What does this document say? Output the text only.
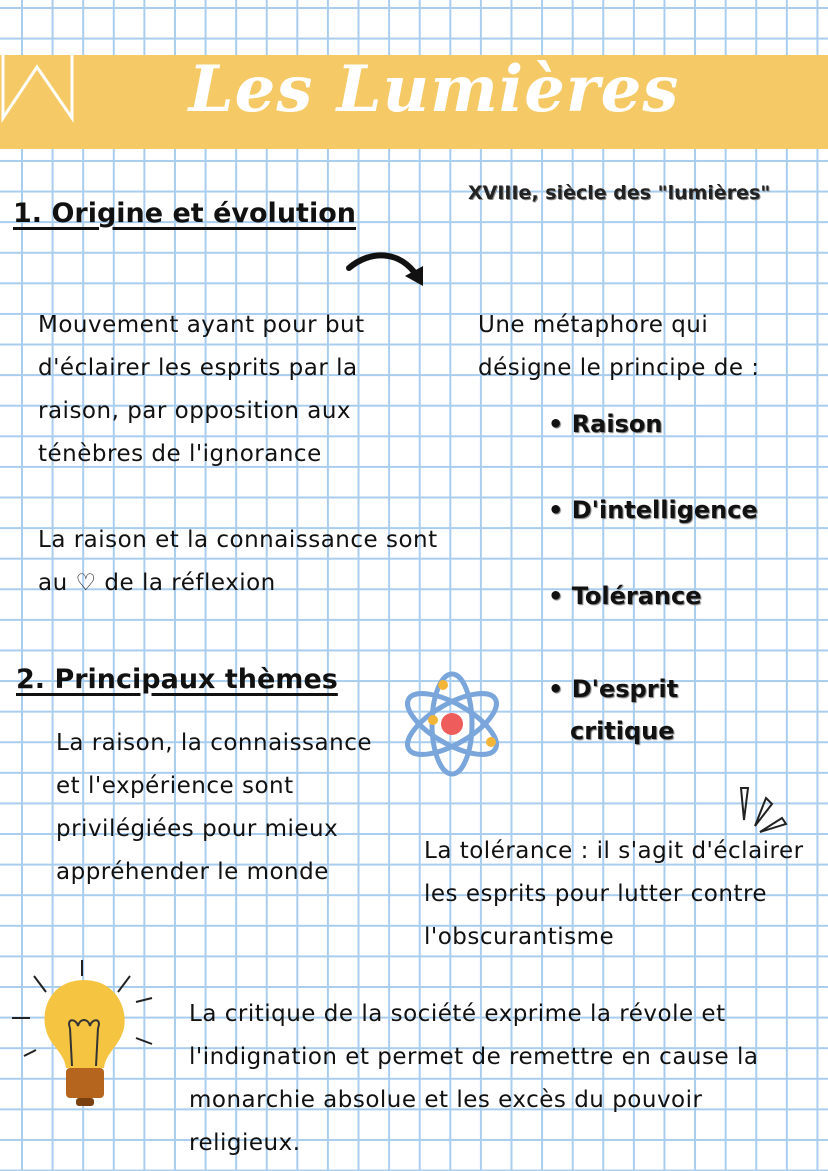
Les Lumières
XVIIIe, siècle des "lumières"
1. Origine et évolution
Mouvement ayant pour but d'éclairer les esprits par la raison, par opposition aux ténèbres de l'ignorance
La raison et la connaissance sont au ♡ de la réflexion
Une métaphore qui désigne le principe de :
• Raison
• D'intelligence
• Tolérance
• D'esprit critique
2. Principaux thèmes
La raison, la connaissance et l'expérience sont privilégiées pour mieux appréhender le monde
La tolérance : il s'agit d'éclairer les esprits pour lutter contre l'obscurantisme
La critique de la société exprime la révole et l'indignation et permet de remettre en cause la monarchie absolue et les excès du pouvoir religieux.
